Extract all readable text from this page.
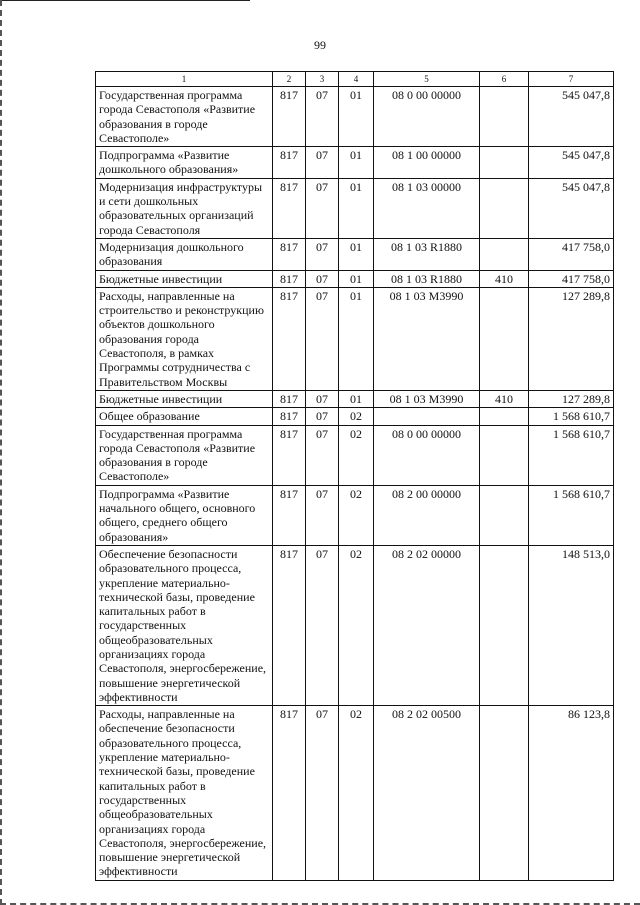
99
1	2	3	4	5	6	7
Государственная программа города Севастополя «Развитие образования в городе Севастополе»	817	07	01	08 0 00 00000		545 047,8
Подпрограмма «Развитие дошкольного образования»	817	07	01	08 1 00 00000		545 047,8
Модернизация инфраструктуры и сети дошкольных образовательных организаций города Севастополя	817	07	01	08 1 03 00000		545 047,8
Модернизация дошкольного образования	817	07	01	08 1 03 R1880		417 758,0
Бюджетные инвестиции	817	07	01	08 1 03 R1880	410	417 758,0
Расходы, направленные на строительство и реконструкцию объектов дошкольного образования города Севастополя, в рамках Программы сотрудничества с Правительством Москвы	817	07	01	08 1 03 M3990		127 289,8
Бюджетные инвестиции	817	07	01	08 1 03 M3990	410	127 289,8
Общее образование	817	07	02			1 568 610,7
Государственная программа города Севастополя «Развитие образования в городе Севастополе»	817	07	02	08 0 00 00000		1 568 610,7
Подпрограмма «Развитие начального общего, основного общего, среднего общего образования»	817	07	02	08 2 00 00000		1 568 610,7
Обеспечение безопасности образовательного процесса, укрепление материально-технической базы, проведение капитальных работ в государственных общеобразовательных организациях города Севастополя, энергосбережение, повышение энергетической эффективности	817	07	02	08 2 02 00000		148 513,0
Расходы, направленные на обеспечение безопасности образовательного процесса, укрепление материально-технической базы, проведение капитальных работ в государственных общеобразовательных организациях города Севастополя, энергосбережение, повышение энергетической эффективности	817	07	02	08 2 02 00500		86 123,8
